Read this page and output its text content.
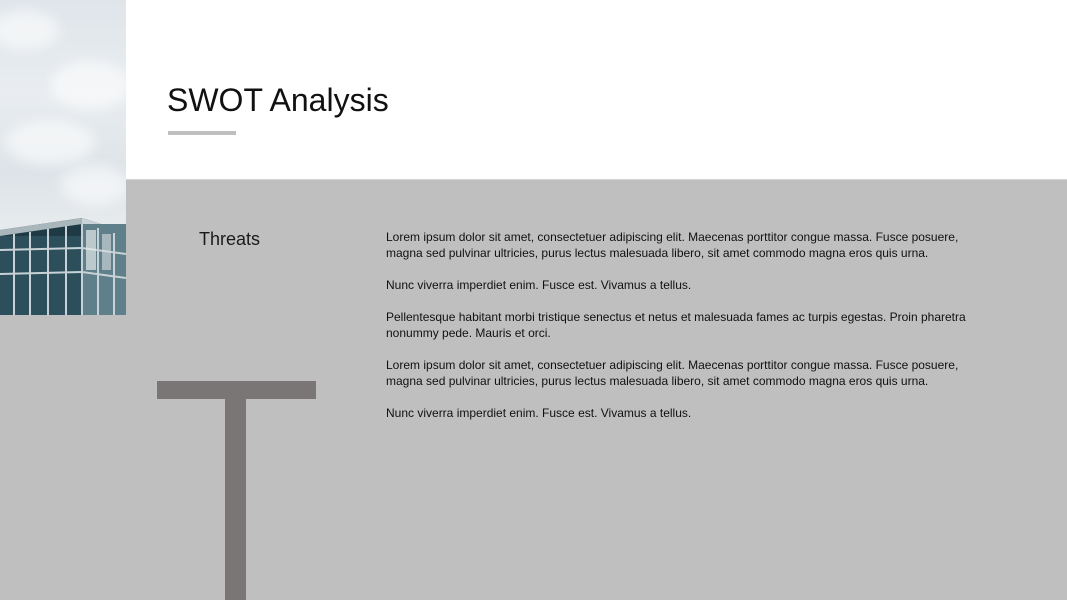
SWOT Analysis
Threats	Lorem ipsum dolor sit amet, consectetuer adipiscing elit. Maecenas porttitor congue massa. Fusce posuere, magna sed pulvinar ultricies, purus lectus malesuada libero, sit amet commodo magna eros quis urna.

Nunc viverra imperdiet enim. Fusce est. Vivamus a tellus.

Pellentesque habitant morbi tristique senectus et netus et malesuada fames ac turpis egestas. Proin pharetra nonummy pede. Mauris et orci.

Lorem ipsum dolor sit amet, consectetuer adipiscing elit. Maecenas porttitor congue massa. Fusce posuere, magna sed pulvinar ultricies, purus lectus malesuada libero, sit amet commodo magna eros quis urna.

Nunc viverra imperdiet enim. Fusce est. Vivamus a tellus.
